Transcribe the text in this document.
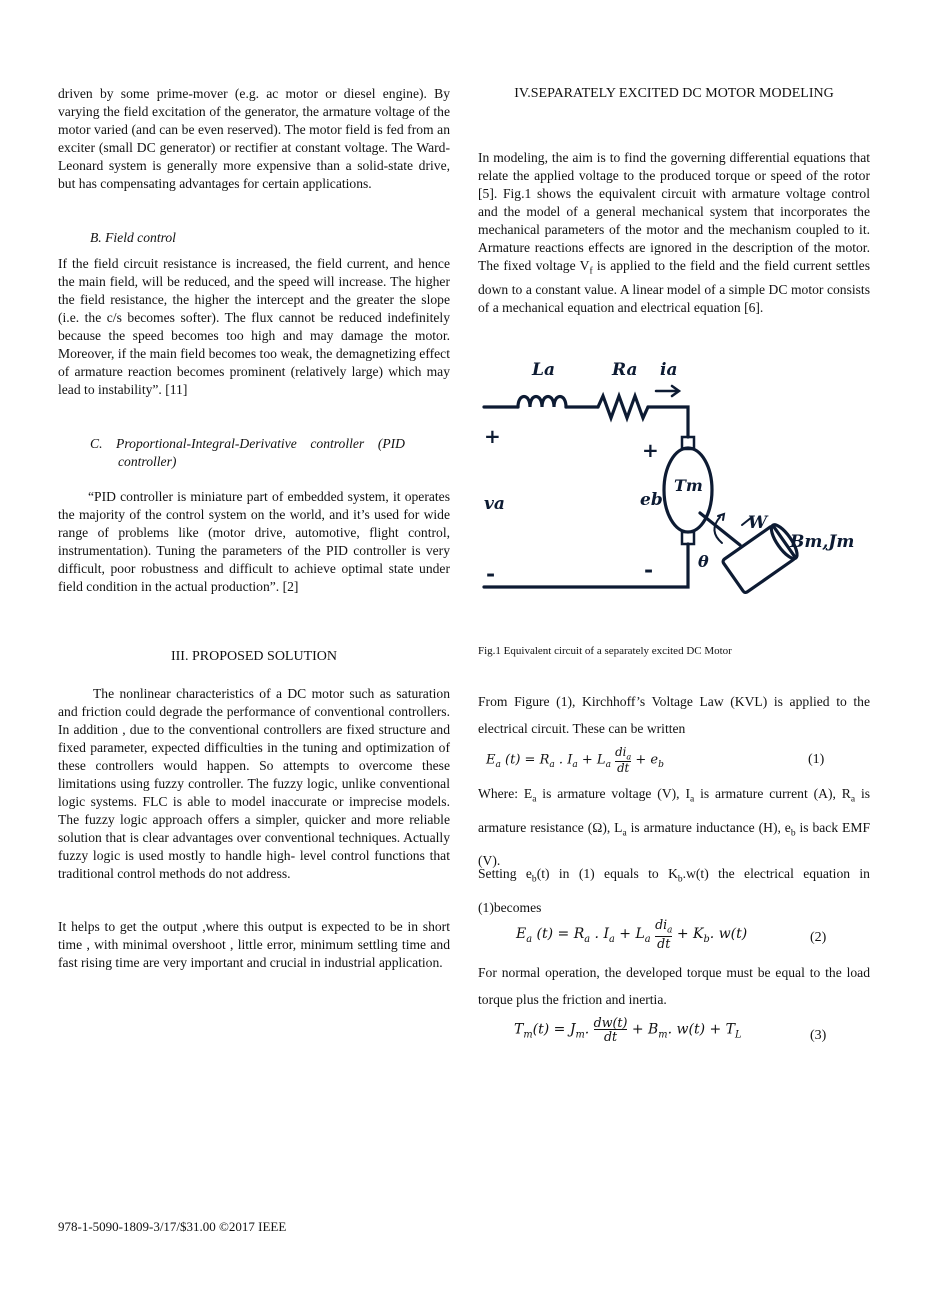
driven by some prime-mover (e.g. ac motor or diesel engine). By varying the field excitation of the generator, the armature voltage of the motor varied (and can be even reserved). The motor field is fed from an exciter (small DC generator) or rectifier at constant voltage. The Ward-Leonard system is generally more expensive than a solid-state drive, but has compensating advantages for certain applications.

B. Field control

If the field circuit resistance is increased, the field current, and hence the main field, will be reduced, and the speed will increase. The higher the field resistance, the higher the intercept and the greater the slope (i.e. the c/s becomes softer). The flux cannot be reduced indefinitely because the speed becomes too high and may damage the motor. Moreover, if the main field becomes too weak, the demagnetizing effect of armature reaction becomes prominent (relatively large) which may lead to instability”. [11]

C.    Proportional-Integral-Derivative    controller    (PID

controller)

“PID controller is miniature part of embedded system, it operates the majority of the control system on the world, and it’s used for wide range of problems like (motor drive, automotive, flight control, instrumentation). Tuning the parameters of the PID controller is very difficult, poor robustness and difficult to achieve optimal state under field condition in the actual production”. [2]

III. PROPOSED SOLUTION

The nonlinear characteristics of a DC motor such as saturation and friction could degrade the performance of conventional controllers. In addition , due to the conventional controllers are fixed structure and fixed parameter, expected difficulties in the tuning and optimization of these controllers would happen. So attempts to overcome these limitations using fuzzy controller. The fuzzy logic, unlike conventional logic systems. FLC is able to model inaccurate or imprecise models. The fuzzy logic approach offers a simpler, quicker and more reliable solution that is clear advantages over conventional techniques. Actually fuzzy logic is used mostly to handle high- level control functions that traditional control methods do not address.

It helps to get the output ,where this output is expected to be in short time , with minimal overshoot , little error, minimum settling time and fast rising time are very important and crucial in industrial application.

IV.SEPARATELY EXCITED DC MOTOR MODELING

In modeling, the aim is to find the governing differential equations that relate the applied voltage to the produced torque or speed of the rotor [5]. Fig.1 shows the equivalent circuit with armature voltage control and the model of a general mechanical system that incorporates the mechanical parameters of the motor and the mechanism coupled to it. Armature reactions effects are ignored in the description of the motor. The fixed voltage $V_f$ is applied to the field and the field current settles down to a constant value. A linear model of a simple DC motor consists of a mechanical equation and electrical equation [6].

La	Ra ia
+
-
va
+
-
eb
Tm
W
θ
Bm,Jm

Fig.1 Equivalent circuit of a separately excited DC Motor

From Figure (1), Kirchhoff’s Voltage Law (KVL) is applied to the electrical circuit. These can be written

$E_a$ $(t) = R_a$ . $I_a + L_a \frac{di_a}{dt} + e_b$	(1)

Where: $E_a$ is armature voltage (V), $I_a$ is armature current (A), $R_a$ is armature resistance (Ω), $L_a$ is armature inductance (H), $e_b$ is back EMF (V).

Setting $e_b(t)$ in (1) equals to $K_b.w(t)$ the electrical equation in (1)becomes

$E_a$ $(t) = R_a$ . $I_a + L_a \frac{di_a}{dt} + K_b$. w(t)	(2)

For normal operation, the developed torque must be equal to the load torque plus the friction and inertia.

$T_m(t) = J_m$. $\frac{dw(t)}{dt} + B_m$. $w(t) + T_L$	(3)
978-1-5090-1809-3/17/$31.00 ©2017 IEEE
